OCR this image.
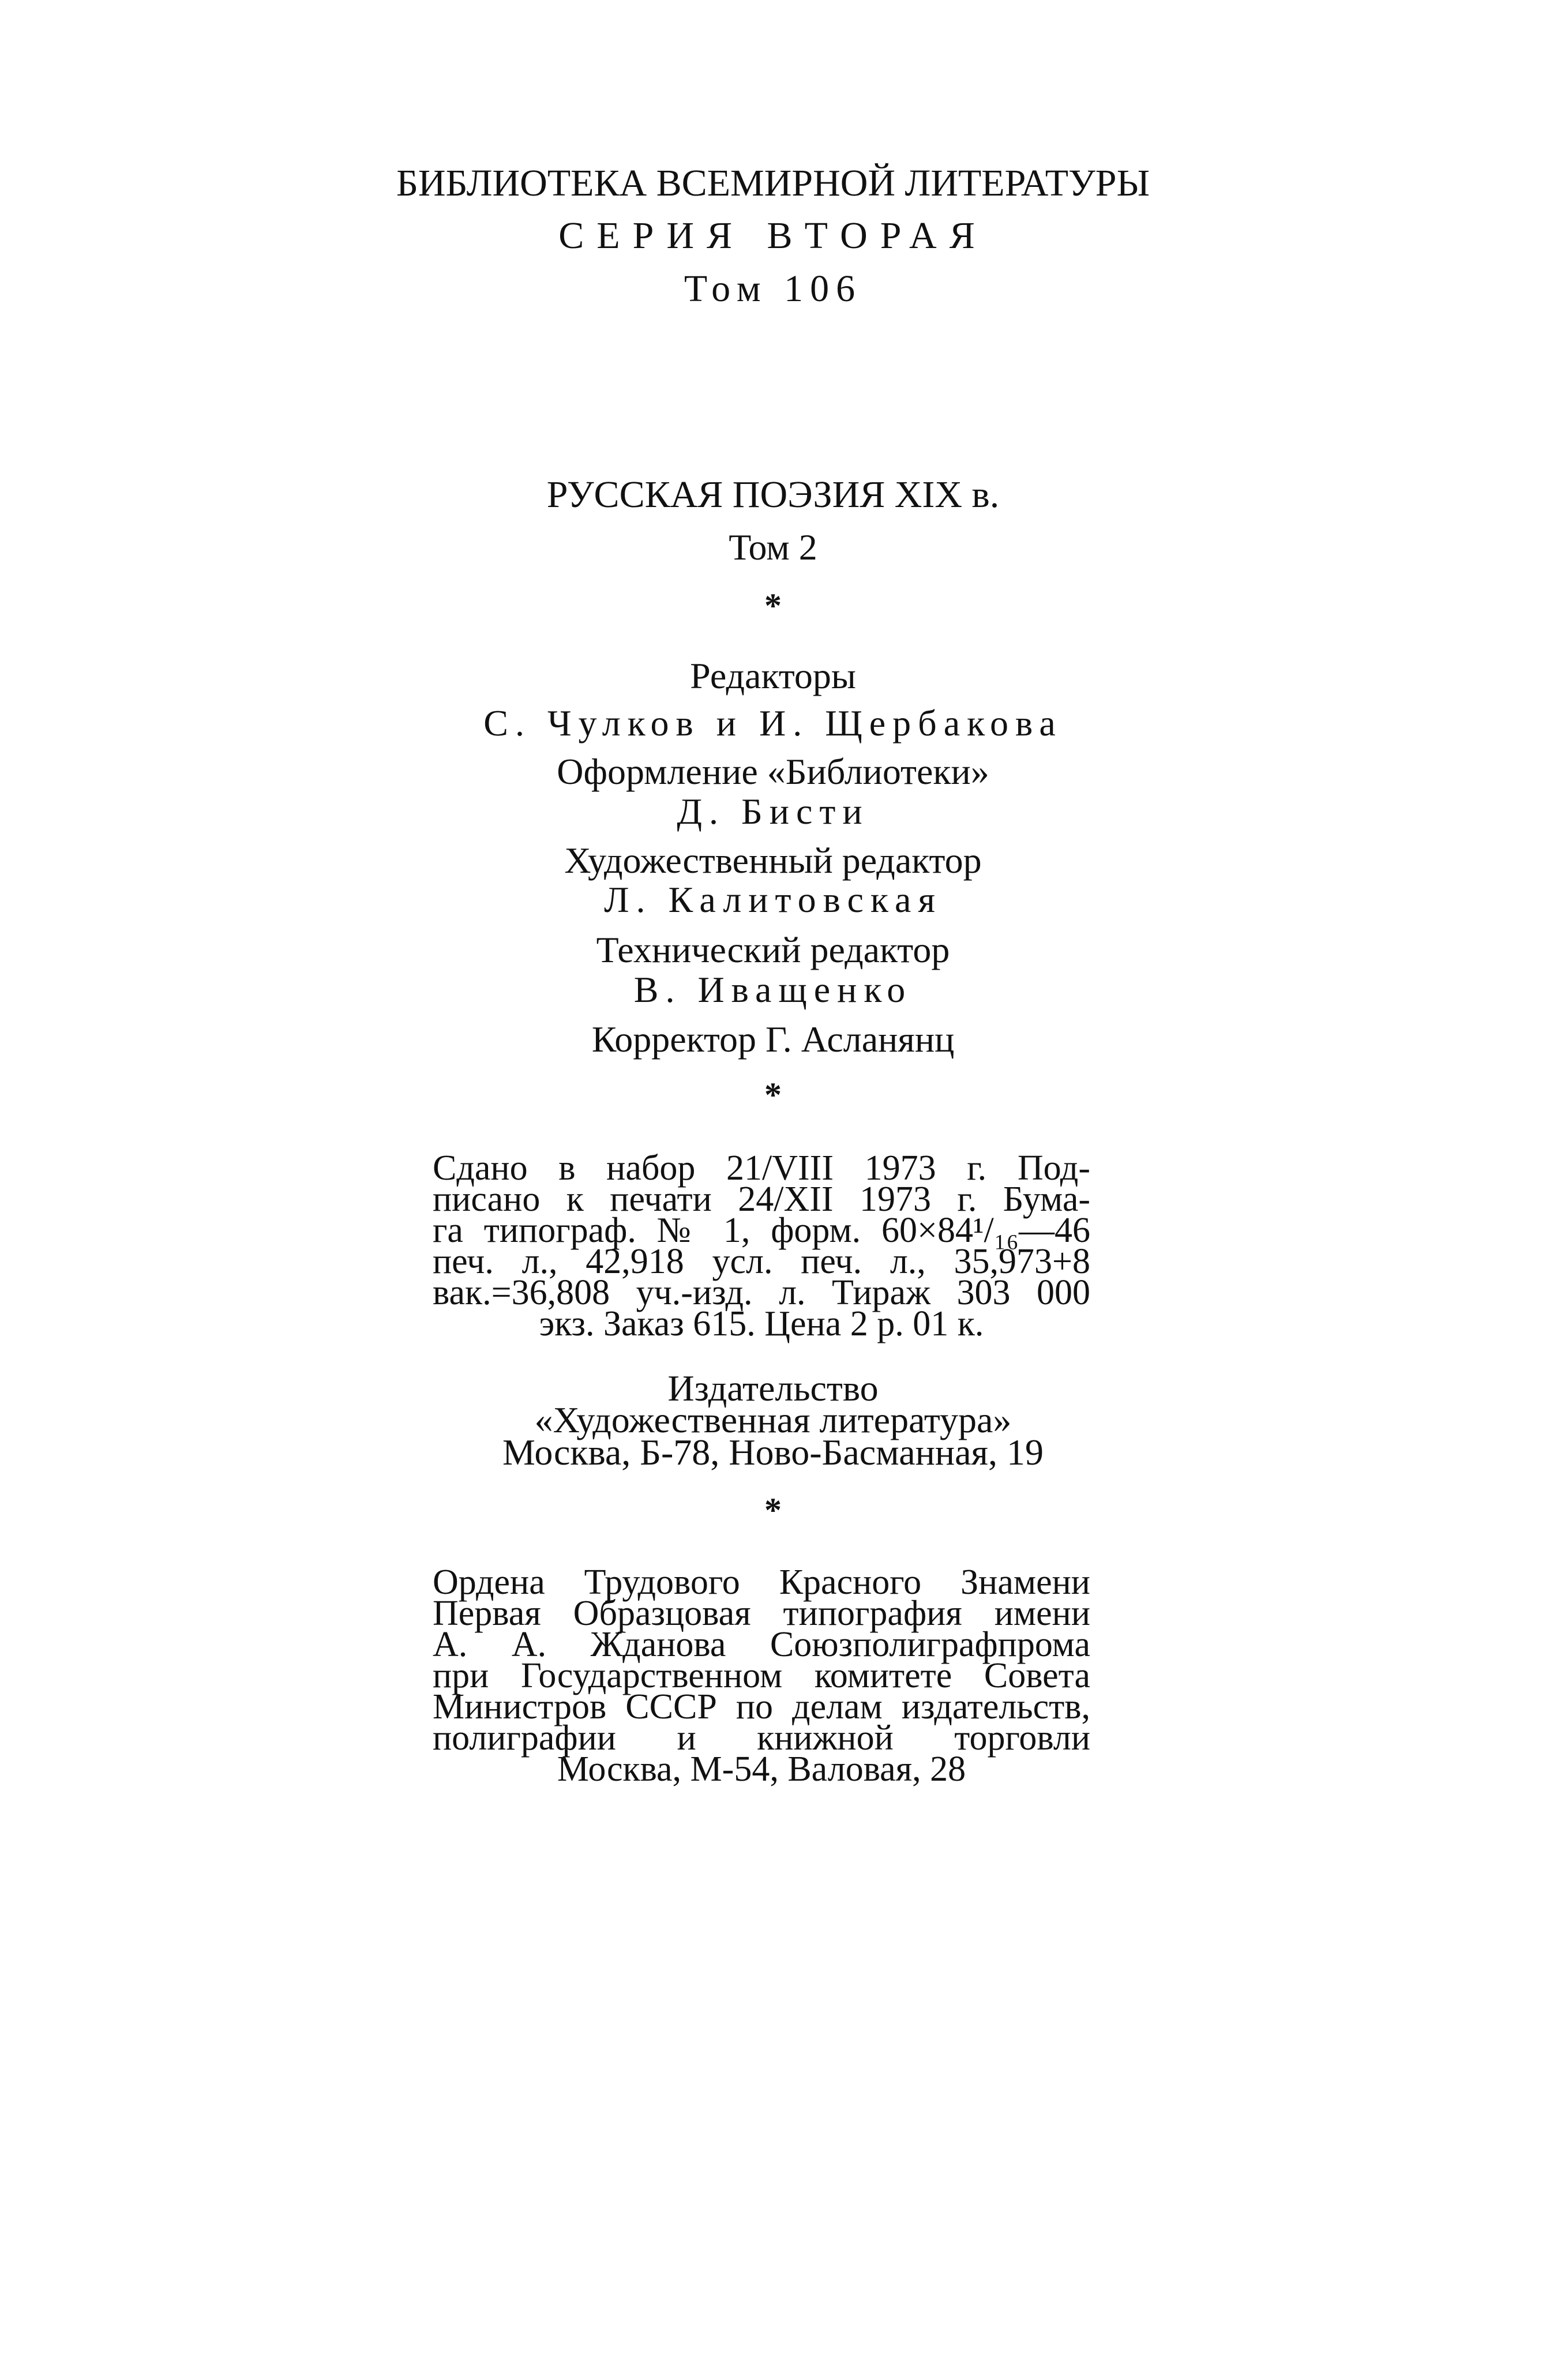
БИБЛИОТЕКА ВСЕМИРНОЙ ЛИТЕРАТУРЫ
СЕРИЯ ВТОРАЯ
Том 106
РУССКАЯ ПОЭЗИЯ XIX в.
Том 2
*
Редакторы
С. Чулков и И. Щербакова
Оформление «Библиотеки»
Д. Бисти
Художественный редактор
Л. Калитовская
Технический редактор
В. Иващенко
Корректор Г. Асланянц
*
Сдано в набор 21/VIII 1973 г. Под-
писано к печати 24/XII 1973 г. Бума-
га типограф. № 1, форм. 60×84¹/₁₆—46
печ. л., 42,918 усл. печ. л., 35,973+8
вак.=36,808 уч.-изд. л. Тираж 303 000
экз. Заказ 615. Цена 2 р. 01 к.
Издательство
«Художественная литература»
Москва, Б-78, Ново-Басманная, 19
*
Ордена Трудового Красного Знамени
Первая Образцовая типография имени
А. А. Жданова Союзполиграфпрома
при Государственном комитете Совета
Министров СССР по делам издательств,
полиграфии и книжной торговли
Москва, М-54, Валовая, 28
